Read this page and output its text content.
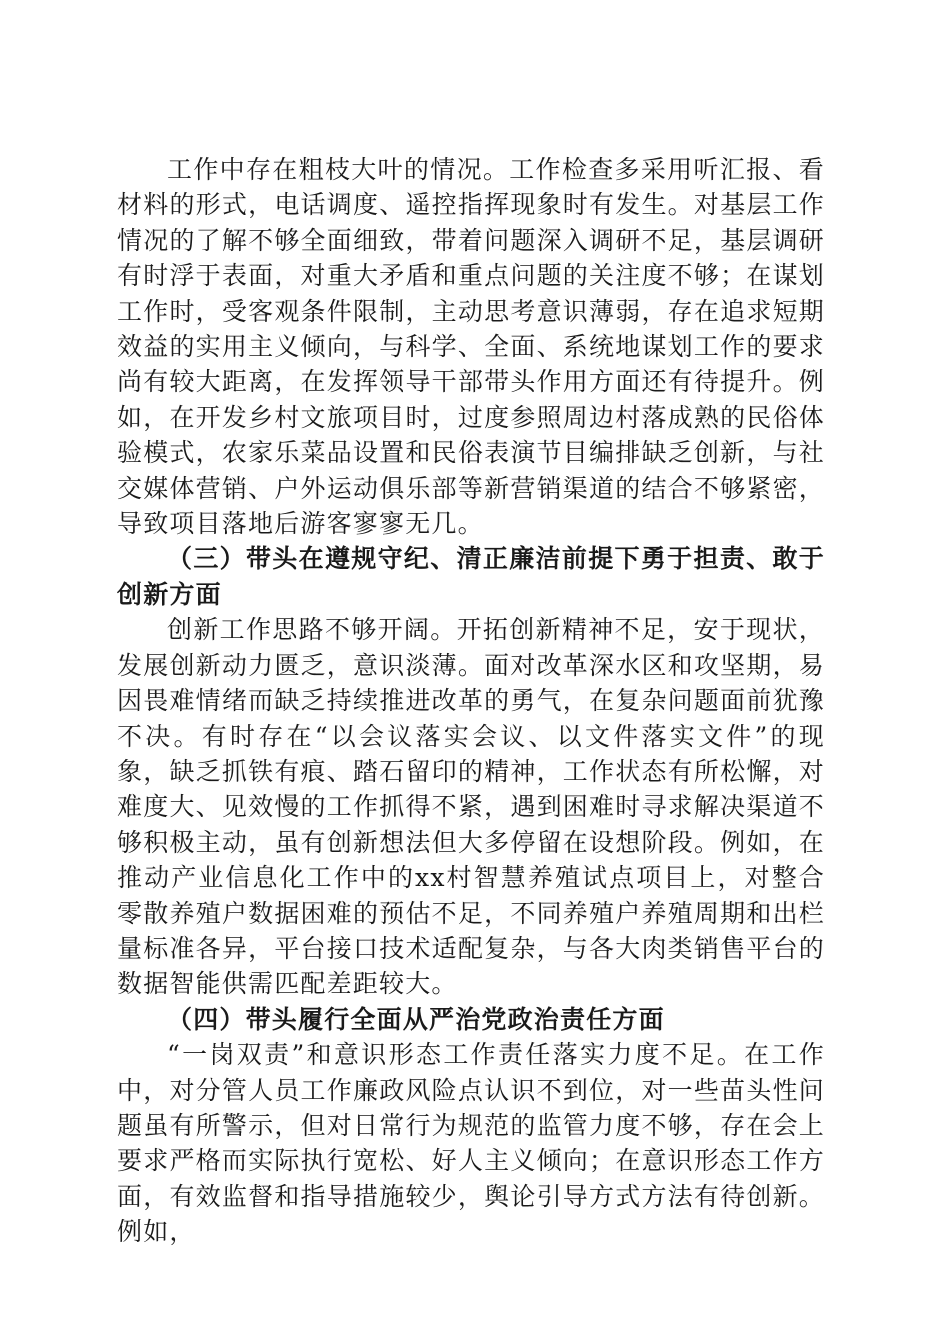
工作中存在粗枝大叶的情况。工作检查多采用听汇报、看材料的形式，电话调度、遥控指挥现象时有发生。对基层工作情况的了解不够全面细致，带着问题深入调研不足，基层调研有时浮于表面，对重大矛盾和重点问题的关注度不够；在谋划工作时，受客观条件限制，主动思考意识薄弱，存在追求短期效益的实用主义倾向，与科学、全面、系统地谋划工作的要求尚有较大距离，在发挥领导干部带头作用方面还有待提升。例如，在开发乡村文旅项目时，过度参照周边村落成熟的民俗体验模式，农家乐菜品设置和民俗表演节目编排缺乏创新，与社交媒体营销、户外运动俱乐部等新营销渠道的结合不够紧密，导致项目落地后游客寥寥无几。

（三）带头在遵规守纪、清正廉洁前提下勇于担责、敢于创新方面

创新工作思路不够开阔。开拓创新精神不足，安于现状，发展创新动力匮乏，意识淡薄。面对改革深水区和攻坚期，易因畏难情绪而缺乏持续推进改革的勇气，在复杂问题面前犹豫不决。有时存在“以会议落实会议、以文件落实文件”的现象，缺乏抓铁有痕、踏石留印的精神，工作状态有所松懈，对难度大、见效慢的工作抓得不紧，遇到困难时寻求解决渠道不够积极主动，虽有创新想法但大多停留在设想阶段。例如，在推动产业信息化工作中的xx村智慧养殖试点项目上，对整合零散养殖户数据困难的预估不足，不同养殖户养殖周期和出栏量标准各异，平台接口技术适配复杂，与各大肉类销售平台的数据智能供需匹配差距较大。

（四）带头履行全面从严治党政治责任方面

“一岗双责”和意识形态工作责任落实力度不足。在工作中，对分管人员工作廉政风险点认识不到位，对一些苗头性问题虽有所警示，但对日常行为规范的监管力度不够，存在会上要求严格而实际执行宽松、好人主义倾向；在意识形态工作方面，有效监督和指导措施较少，舆论引导方式方法有待创新。例如，
